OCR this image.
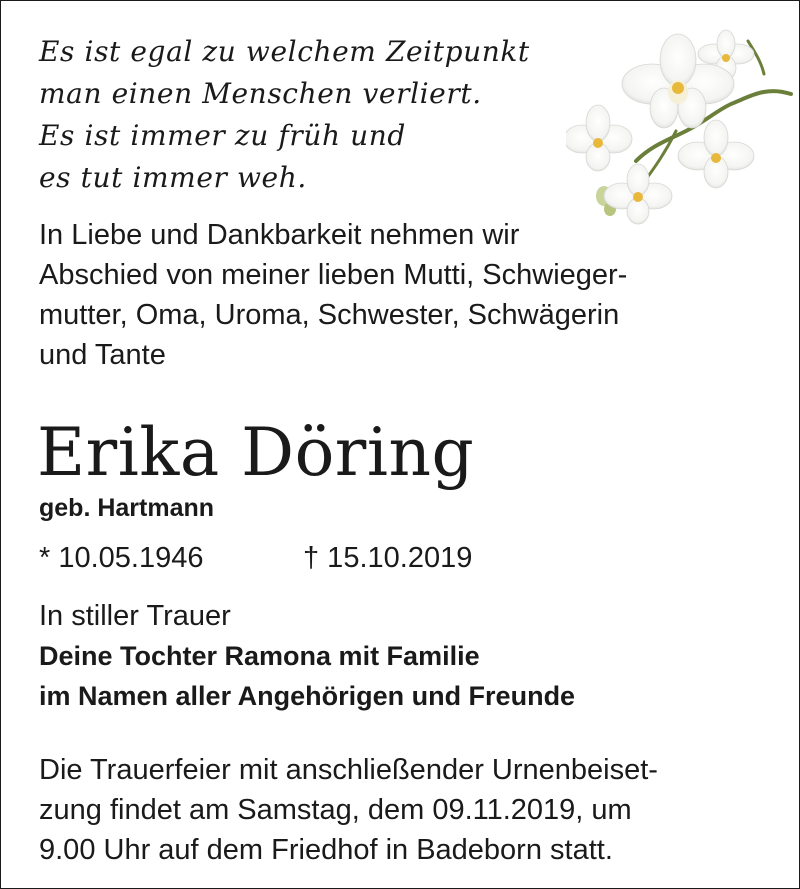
Es ist egal zu welchem Zeitpunkt
man einen Menschen verliert.
Es ist immer zu früh und
es tut immer weh.
In Liebe und Dankbarkeit nehmen wir
Abschied von meiner lieben Mutti, Schwieger-
mutter, Oma, Uroma, Schwester, Schwägerin
und Tante
Erika Döring
geb. Hartmann
* 10.05.1946	† 15.10.2019
In stiller Trauer
Deine Tochter Ramona mit Familie
im Namen aller Angehörigen und Freunde
Die Trauerfeier mit anschließender Urnenbeiset-
zung findet am Samstag, dem 09.11.2019, um
9.00 Uhr auf dem Friedhof in Badeborn statt.
